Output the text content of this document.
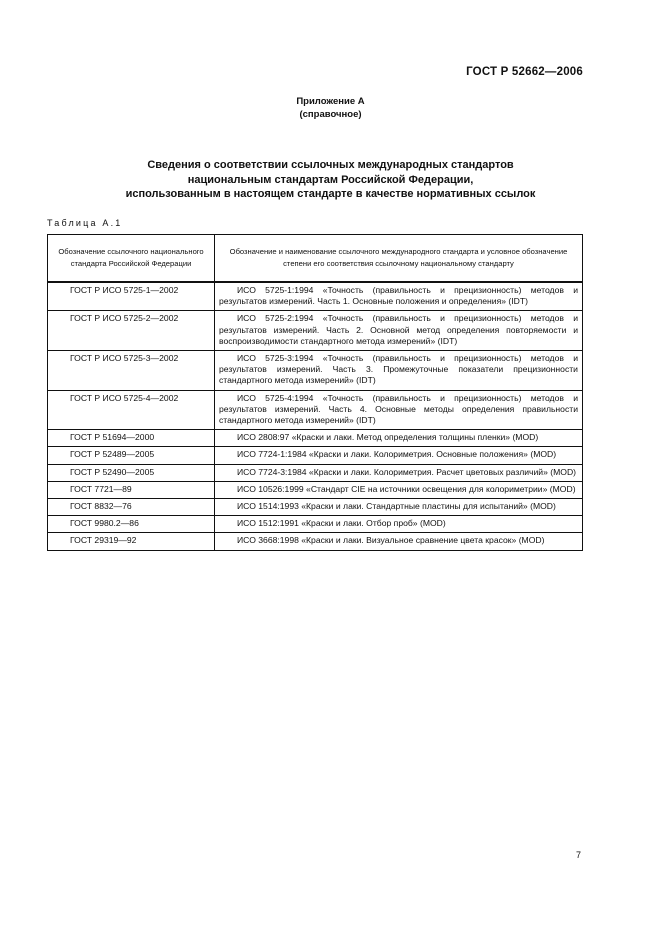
ГОСТ Р 52662—2006
Приложение А
(справочное)
Сведения о соответствии ссылочных международных стандартов
национальным стандартам Российской Федерации,
использованным в настоящем стандарте в качестве нормативных ссылок
Таблица А.1
Обозначение ссылочного национального стандарта Российской Федерации	Обозначение и наименование ссылочного международного стандарта и условное обозначение степени его соответствия ссылочному национальному стандарту
ГОСТ Р ИСО 5725-1—2002	ИСО 5725-1:1994 «Точность (правильность и прецизионность) методов и результатов измерений. Часть 1. Основные положения и определения» (IDT)
ГОСТ Р ИСО 5725-2—2002	ИСО 5725-2:1994 «Точность (правильность и прецизионность) методов и результатов измерений. Часть 2. Основной метод определения повторяемости и воспроизводимости стандартного метода измерений» (IDT)
ГОСТ Р ИСО 5725-3—2002	ИСО 5725-3:1994 «Точность (правильность и прецизионность) методов и результатов измерений. Часть 3. Промежуточные показатели прецизионности стандартного метода измерений» (IDT)
ГОСТ Р ИСО 5725-4—2002	ИСО 5725-4:1994 «Точность (правильность и прецизионность) методов и результатов измерений. Часть 4. Основные методы определения правильности стандартного метода измерений» (IDT)
ГОСТ Р 51694—2000	ИСО 2808:97 «Краски и лаки. Метод определения толщины пленки» (MOD)
ГОСТ Р 52489—2005	ИСО 7724-1:1984 «Краски и лаки. Колориметрия. Основные положения» (MOD)
ГОСТ Р 52490—2005	ИСО 7724-3:1984 «Краски и лаки. Колориметрия. Расчет цветовых различий» (MOD)
ГОСТ 7721—89	ИСО 10526:1999 «Стандарт CIE на источники освещения для колориметрии» (MOD)
ГОСТ 8832—76	ИСО 1514:1993 «Краски и лаки. Стандартные пластины для испытаний» (MOD)
ГОСТ 9980.2—86	ИСО 1512:1991 «Краски и лаки. Отбор проб» (MOD)
ГОСТ 29319—92	ИСО 3668:1998 «Краски и лаки. Визуальное сравнение цвета красок» (MOD)
7
